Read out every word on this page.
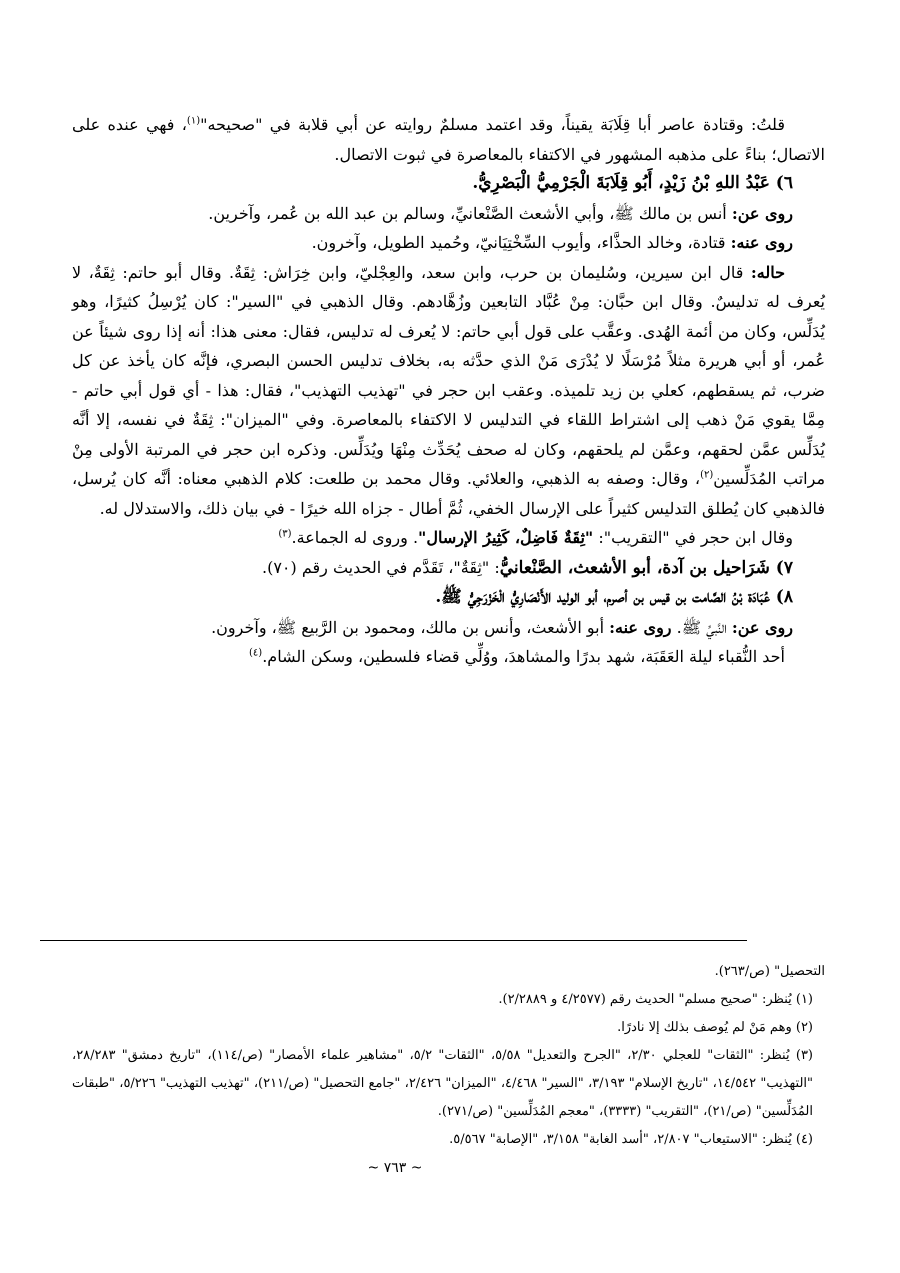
قلتُ: وقتادة عاصر أبا قِلَابَة يقيناً، وقد اعتمد مسلمٌ روايته عن أبي قلابة في "صحيحه"$^{(١)}$، فهي عنده على الاتصال؛ بناءً على مذهبه المشهور في الاكتفاء بالمعاصرة في ثبوت الاتصال.

٦) عَبْدُ اللهِ بْنُ زَيْدٍ، أَبُو قِلَابَةَ الْجَرْمِيُّ الْبَصْرِيُّ.

روى عن: أنس بن مالك ﷺ، وأبي الأشعث الصَّنْعانيِّ، وسالم بن عبد الله بن عُمر، وآخرين.

روى عنه: قتادة، وخالد الحذَّاء، وأيوب السِّخْتِيَانيّ، وحُميد الطويل، وآخرون.

حاله: قال ابن سيرين، وسُليمان بن حرب، وابن سعد، والعِجْليّ، وابن خِرَاش: ثِقَةٌ. وقال أبو حاتم: ثِقَةٌ، لا يُعرف له تدليسٌ. وقال ابن حبَّان: مِنْ عُبَّاد التابعين وزُهَّادهم. وقال الذهبي في "السير": كان يُرْسِلُ كثيرًا، وهو يُدَلِّس، وكان من أئمة الهُدى. وعقَّب على قول أبي حاتم: لا يُعرف له تدليس، فقال: معنى هذا: أنه إذا روى شيئاً عن عُمر، أو أبي هريرة مثلاً مُرْسَلًا لا يُدْرَى مَنْ الذي حدَّثه به، بخلاف تدليس الحسن البصري، فإنَّه كان يأخذ عن كل ضرب، ثم يسقطهم، كعلي بن زيد تلميذه. وعقب ابن حجر في "تهذيب التهذيب"، فقال: هذا - أي قول أبي حاتم - مِمَّا يقوي مَنْ ذهب إلى اشتراط اللقاء في التدليس لا الاكتفاء بالمعاصرة. وفي "الميزان": ثِقَةٌ في نفسه، إلا أنَّه يُدَلِّس عمَّن لحقهم، وعمَّن لم يلحقهم، وكان له صحف يُحَدِّث مِنْهَا ويُدَلِّس. وذكره ابن حجر في المرتبة الأولى مِنْ مراتب المُدَلِّسين$^{(٢)}$، وقال: وصفه به الذهبي، والعلائي. وقال محمد بن طلعت: كلام الذهبي معناه: أنَّه كان يُرسل، فالذهبي كان يُطلق التدليس كثيراً على الإرسال الخفي، ثُمَّ أطال - جزاه الله خيرًا - في بيان ذلك، والاستدلال له.

وقال ابن حجر في "التقريب": "ثِقَةٌ فَاضِلٌ، كَثِيرُ الإرسال". وروى له الجماعة.$^{(٣)}$

٧) شَرَاحيل بن آدة، أبو الأشعث، الصَّنْعانيُّ: "ثِقَةٌ"، تَقَدَّم في الحديث رقم (٧٠).

٨) عُبَادَة بْنُ الصَّامت بن قيس بن أصرم، أبو الوليد الأَنْصَارِيُّ الْخَزْرَجِيُّ ﷺ.

روى عن: النَّبيِّ ﷺ. روى عنه: أبو الأشعث، وأنس بن مالك، ومحمود بن الرَّبيع ﷺ، وآخرون.

أحد النُّقباء ليلة العَقَبَة، شهد بدرًا والمشاهدَ، ووُلِّي قضاء فلسطين، وسكن الشام.$^{(٤)}$

التحصيل" (ص/٢٦٣).

(١) يُنظر: "صحيح مسلم" الحديث رقم (٤/٢٥٧٧ و ٢/٢٨٨٩).

(٢) وهم مَنْ لم يُوصف بذلك إلا نادرًا.

(٣) يُنظر: "الثقات" للعجلي ٢/٣٠، "الجرح والتعديل" ٥/٥٨، "الثقات" ٥/٢، "مشاهير علماء الأمصار" (ص/١١٤)، "تاريخ دمشق" ٢٨/٢٨٣، "التهذيب" ١٤/٥٤٢، "تاريخ الإسلام" ٣/١٩٣، "السير" ٤/٤٦٨، "الميزان" ٢/٤٢٦، "جامع التحصيل" (ص/٢١١)، "تهذيب التهذيب" ٥/٢٢٦، "طبقات المُدَلِّسين" (ص/٢١)، "التقريب" (٣٣٣٣)، "معجم المُدَلِّسين" (ص/٢٧١).

(٤) يُنظر: "الاستيعاب" ٢/٨٠٧، "أسد الغابة" ٣/١٥٨، "الإصابة" ٥/٥٦٧.

~ ٧٦٣ ~
